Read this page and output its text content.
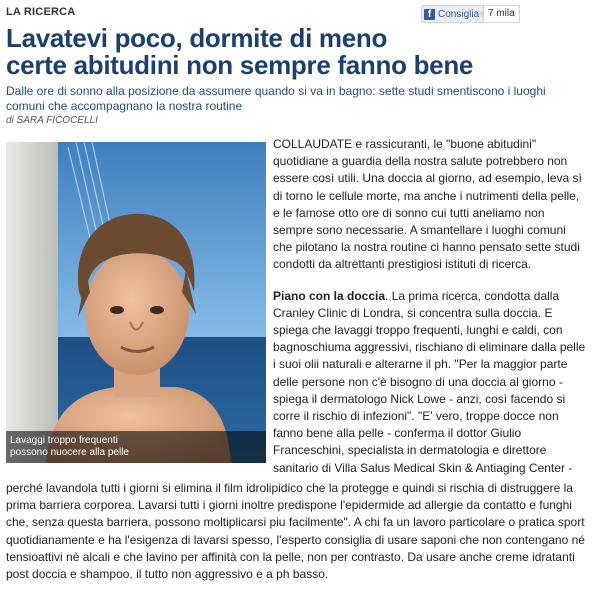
LA RICERCA	f Consiglia 7 mila
Lavatevi poco, dormite di meno
certe abitudini non sempre fanno bene
Dalle ore di sonno alla posizione da assumere quando si va in bagno: sette studi smentiscono i luoghi comuni che accompagnano la nostra routine
di SARA FICOCELLI
Lavaggi troppo frequenti
possono nuocere alla pelle

COLLAUDATE e rassicuranti, le "buone abitudini" quotidiane a guardia della nostra salute potrebbero non essere così utili. Una doccia al giorno, ad esempio, leva sì di torno le cellule morte, ma anche i nutrimenti della pelle, e le famose otto ore di sonno cui tutti aneliamo non sempre sono necessarie. A smantellare i luoghi comuni che pilotano la nostra routine ci hanno pensato sette studi condotti da altrettanti prestigiosi istituti di ricerca.

Piano con la doccia. La prima ricerca, condotta dalla Cranley Clinic di Londra, si concentra sulla doccia. E spiega che lavaggi troppo frequenti, lunghi e caldi, con bagnoschiuma aggressivi, rischiano di eliminare dalla pelle i suoi olii naturali e alterarne il ph. "Per la maggior parte delle persone non c'è bisogno di una doccia al giorno - spiega il dermatologo Nick Lowe - anzi, così facendo si corre il rischio di infezioni". "E' vero, troppe docce non fanno bene alla pelle - conferma il dottor Giulio Franceschini, specialista in dermatologia e direttore sanitario di Villa Salus Medical Skin & Antiaging Center -

perché lavandola tutti i giorni si elimina il film idrolipidico che la protegge e quindi si rischia di distruggere la prima barriera corporea. Lavarsi tutti i giorni inoltre predispone l'epidermide ad allergie da contatto e funghi che, senza questa barriera, possono moltiplicarsi piu facilmente". A chi fa un lavoro particolare o pratica sport quotidianamente e ha l'esigenza di lavarsi spesso, l'esperto consiglia di usare saponi che non contengano né tensioattivi nè alcali e che lavino per affinità con la pelle, non per contrasto. Da usare anche creme idratanti post doccia e shampoo, il tutto non aggressivo e a ph basso.
